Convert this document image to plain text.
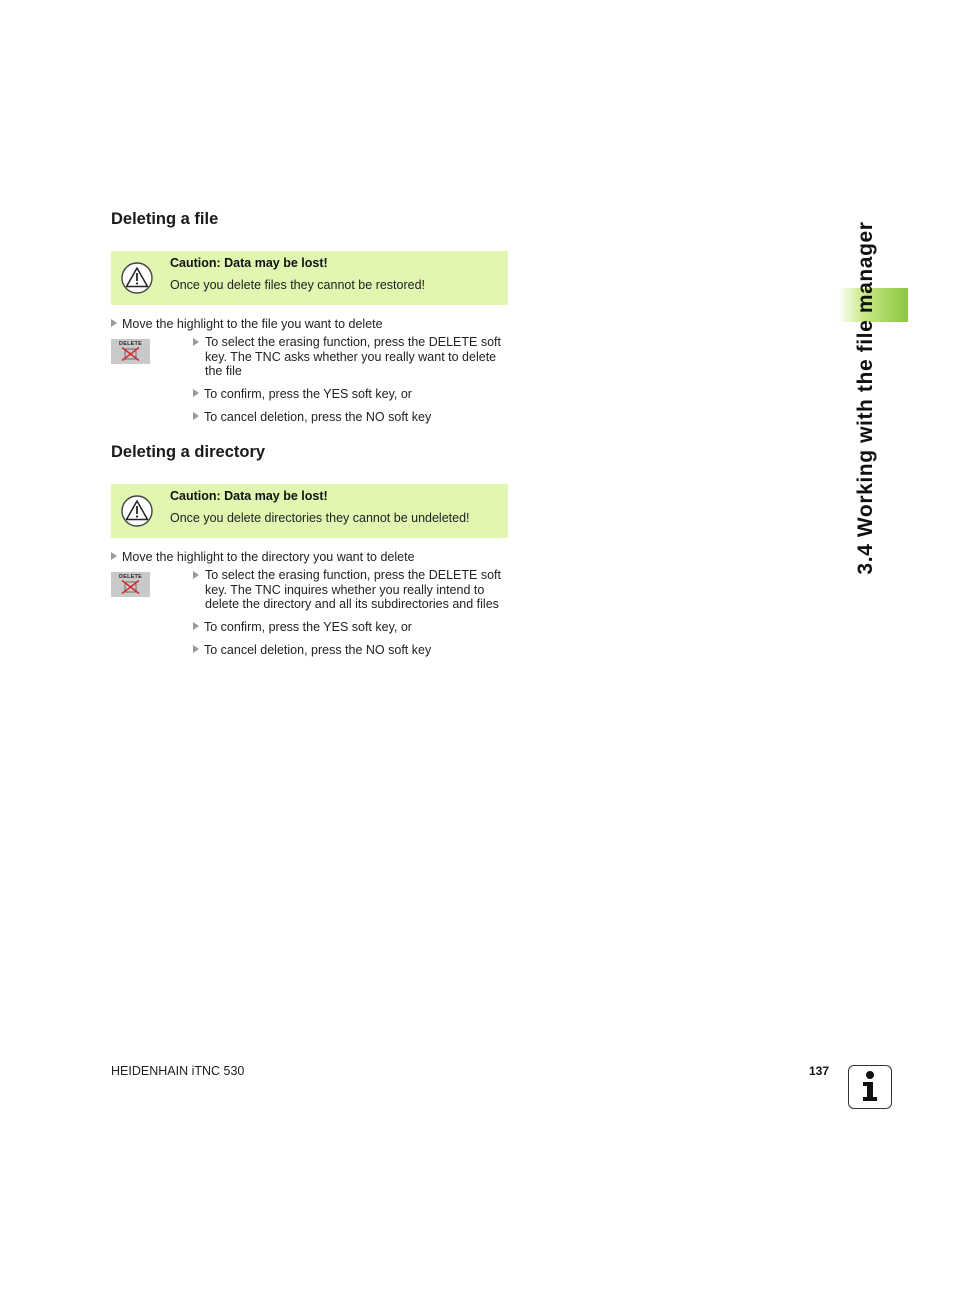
Deleting a file
Caution: Data may be lost!
Once you delete files they cannot be restored!
Move the highlight to the file you want to delete
DELETE	To select the erasing function, press the DELETE soft key. The TNC asks whether you really want to delete the file
To confirm, press the YES soft key, or
To cancel deletion, press the NO soft key
Deleting a directory
Caution: Data may be lost!
Once you delete directories they cannot be undeleted!
Move the highlight to the directory you want to delete
DELETE	To select the erasing function, press the DELETE soft key. The TNC inquires whether you really intend to delete the directory and all its subdirectories and files
To confirm, press the YES soft key, or
To cancel deletion, press the NO soft key
3.4 Working with the file manager
HEIDENHAIN iTNC 530	137
